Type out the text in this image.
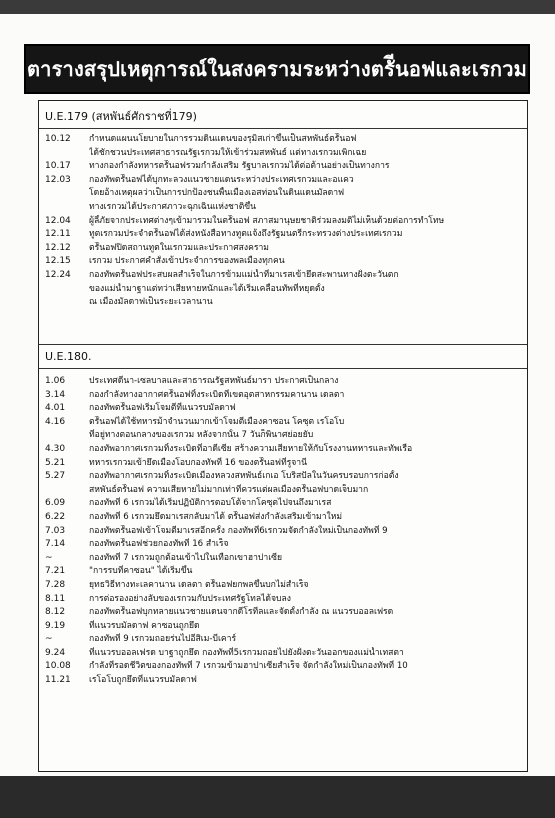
ตารางสรุปเหตุการณ์ในสงครามระหว่างตรัีนอฟและเรกวม
U.E.179 (สหพันธ์ศักราชที่179)
10.12	กำหนดแผนนโยบายในการรวมดินแดนของรุมิสเก่าขึ้นเป็นสหพันธ์ตรัีนอฟ
ได้ชักชวนประเทศสาธารณรัฐเรกวมให้เข้าร่วมสหพันธ์ แต่ทางเรกวมเพิกเฉย
10.17	ทางกองกำลังทหารตรัีนอฟรวมกำลังเสริม รัฐบาลเรกวมได้ต่อต้านอย่างเป็นทางการ
12.03	กองทัพตรัีนอฟได้บุกทะลวงแนวชายแดนระหว่างประเทศเรกวมและอแคว
โดยอ้างเหตุผลว่าเป็นการปกป้องชนพื้นเมืองเอสท่อนในดินแดนมัลดาฟ
ทางเรกวมได้ประกาศภาวะฉุกเฉินแห่งชาติขึ้น
12.04	ผู้ลี้ภัยจากประเทศต่างๆเข้ามารวมในตรัีนอฟ สภาสมานุษยชาติร่วมลงมติไม่เห็นด้วยต่อการทำโทษ
12.11	ทูตเรกวมประจำตรัีนอฟได้ส่งหนังสือทางทูตแจ้งถึงรัฐมนตรีกระทรวงต่างประเทศเรกวม
12.12	ตรัีนอฟปิดสถานทูตในเรกวมและประกาศสงคราม
12.15	เรกวม ประกาศคำสั่งเข้าประจำการของพลเมืองทุกคน
12.24	กองทัพตรัีนอฟประสบผลสำเร็จในการข้ามแม่น้ำที่มาเรสเข้ายึดสะพานทางฝั่งตะวันตก
ของแม่น้ำมาฐาแต่ทว่าเสียหายหนักและได้เริ่มเคลื่อนทัพที่หยุดตั้ง
ณ เมืองมัลดาฟเป็นระยะเวลานาน
U.E.180.
1.06	ประเทศดีนา-เซลบาลและสาธารณรัฐสหพันธ์มารา ประกาศเป็นกลาง
3.14	กองกำลังทางอากาศตรัีนอฟทิ้งระเบิดที่เขตอุตสาหกรรมคานาน เดลตา
4.01	กองทัพตรัีนอฟเริ่มโจมตีที่แนวรบมัลดาฟ
4.16	ตรัีนอฟได้ใช้ทหารม้าจำนวนมากเข้าโจมตีเมืองคาซอน โคซุต เรโอโบ
ที่อยู่ทางตอนกลางของเรกวม หลังจากนั้น 7 วันก็พินาศย่อยยับ
4.30	กองทัพอากาศเรกวมทิ้งระเบิดที่อาดีเซีย สร้างความเสียหายให้กับโรงงานทหารและทัพเรือ
5.21	ทหารเรกวมเข้ายึดเมืองโอบกองทัพที่ 16 ของตรัีนอฟที่รูจานี
5.27	กองทัพอากาศเรกวมทิ้งระเบิดเมืองหลวงสหพันธ์เกเอ โบริสปัลในวันครบรอบการก่อตั้ง
สหพันธ์ตรัีนอฟ ความเสียหายไม่มากเท่าที่ควรแต่ผลเมืองตรัีนอฟบาดเจ็บมาก
6.09	กองทัพที่ 6 เรกวมได้เริ่มปฏิบัติการตอบโต้จากโคซุตไปจนถึงมาเรส
6.22	กองทัพที่ 6 เรกวมยึดมาเรสกลับมาได้ ตรัีนอฟส่งกำลังเสริมเข้ามาใหม่
7.03	กองทัพตรัีนอฟเข้าโจมตีมาเรสอีกครั้ง กองทัพที่6เรกวมจัดกำลังใหม่เป็นกองทัพที่ 9
7.14	กองทัพตรัีนอฟช่วยกองทัพที่ 16 สำเร็จ
~	กองทัพที่ 7 เรกวมถูกต้อนเข้าไปในเทือกเขาฮาปาเซีย
7.21	"การรบที่คาซอน" ได้เริ่มขึ้น
7.28	ยุทธวิธีทางทะเลคานาน เดลตา ตรัีนอฟยกพลขึ้นบกไม่สำเร็จ
8.11	การต่อรองอย่างลับของเรกวมกับประเทศรัฐโทลได้จบลง
8.12	กองทัพตรัีนอฟบุกทลายแนวชายแดนจากดีโรทีลและจัดตั้งกำลัง ณ แนวรบออลเฟรด
9.19	ที่แนวรบมัลดาฟ คาซอนถูกยึด
~	กองทัพที่ 9 เรกวมถอยร่นไปอีสิเม-บีเคาร์
9.24	ที่แนวรบออลเฟรด บาฐาถูกยึด กองทัพที่5เรกวมถอยไปยังฝั่งตะวันออกของแม่น้ำเทสตา
10.08	กำลังที่รอดชีวิตของกองทัพที่ 7 เรกวมข้ามฮาปาเซียสำเร็จ จัดกำลังใหม่เป็นกองทัพที่ 10
11.21	เรโอโบถูกยึดที่แนวรบมัลดาฟ
